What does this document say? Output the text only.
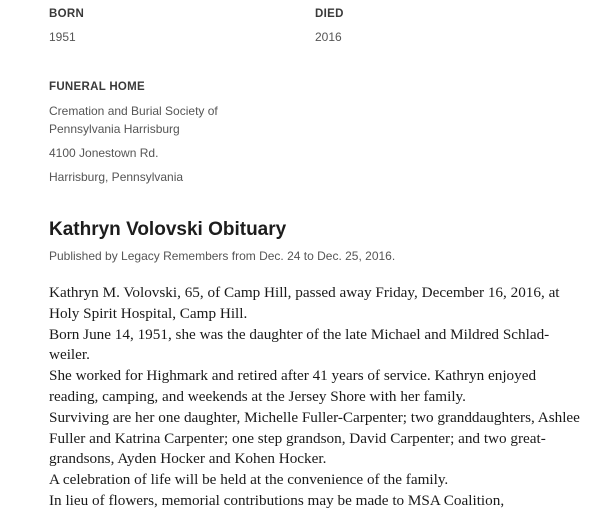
BORN
1951
DIED
2016
FUNERAL HOME
Cremation and Burial Society of
Pennsylvania Harrisburg
4100 Jonestown Rd.
Harrisburg, Pennsylvania
Kathryn Volovski Obituary
Published by Legacy Remembers from Dec. 24 to Dec. 25, 2016.

Kathryn M. Volovski, 65, of Camp Hill, passed away Friday, December 16, 2016, at Holy Spirit Hospital, Camp Hill.

Born June 14, 1951, she was the daughter of the late Michael and Mildred Schlad-weiler.

She worked for Highmark and retired after 41 years of service. Kathryn enjoyed reading, camping, and weekends at the Jersey Shore with her family.

Surviving are her one daughter, Michelle Fuller-Carpenter; two granddaughters, Ashlee Fuller and Katrina Carpenter; one step grandson, David Carpenter; and two great-grandsons, Ayden Hocker and Kohen Hocker.

A celebration of life will be held at the convenience of the family.

In lieu of flowers, memorial contributions may be made to MSA Coalition,
